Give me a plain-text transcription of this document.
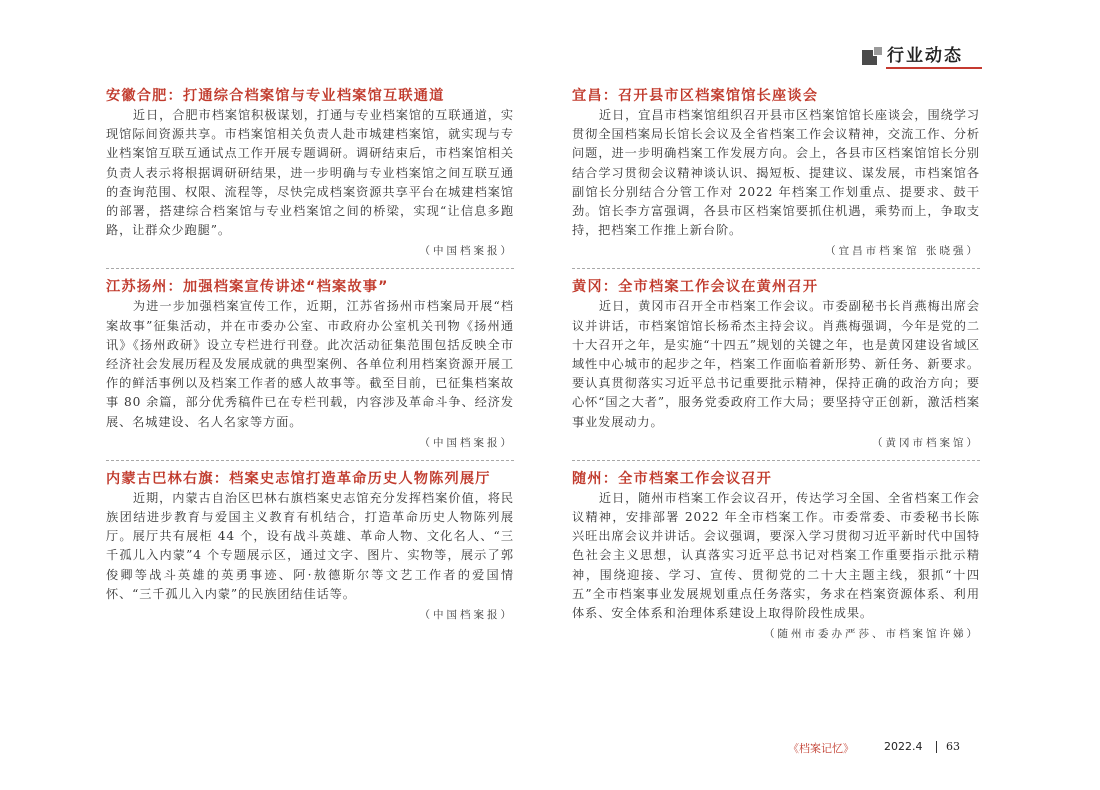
行业动态
安徽合肥：打通综合档案馆与专业档案馆互联通道

近日，合肥市档案馆积极谋划，打通与专业档案馆的互联通道，实现馆际间资源共享。市档案馆相关负责人赴市城建档案馆，就实现与专业档案馆互联互通试点工作开展专题调研。调研结束后，市档案馆相关负责人表示将根据调研研结果，进一步明确与专业档案馆之间互联互通的查询范围、权限、流程等，尽快完成档案资源共享平台在城建档案馆的部署，搭建综合档案馆与专业档案馆之间的桥梁，实现“让信息多跑路，让群众少跑腿”。

（中国档案报）

江苏扬州：加强档案宣传讲述“档案故事”

为进一步加强档案宣传工作，近期，江苏省扬州市档案局开展“档案故事”征集活动，并在市委办公室、市政府办公室机关刊物《扬州通讯》《扬州政研》设立专栏进行刊登。此次活动征集范围包括反映全市经济社会发展历程及发展成就的典型案例、各单位利用档案资源开展工作的鲜活事例以及档案工作者的感人故事等。截至目前，已征集档案故事 80 余篇，部分优秀稿件已在专栏刊载，内容涉及革命斗争、经济发展、名城建设、名人名家等方面。

（中国档案报）

内蒙古巴林右旗：档案史志馆打造革命历史人物陈列展厅

近期，内蒙古自治区巴林右旗档案史志馆充分发挥档案价值，将民族团结进步教育与爱国主义教育有机结合，打造革命历史人物陈列展厅。展厅共有展柜 44 个，设有战斗英雄、革命人物、文化名人、“三千孤儿入内蒙”4 个专题展示区，通过文字、图片、实物等，展示了郭俊卿等战斗英雄的英勇事迹、阿·敖德斯尔等文艺工作者的爱国情怀、“三千孤儿入内蒙”的民族团结佳话等。

（中国档案报）

宜昌：召开县市区档案馆馆长座谈会

近日，宜昌市档案馆组织召开县市区档案馆馆长座谈会，围绕学习贯彻全国档案局长馆长会议及全省档案工作会议精神，交流工作、分析问题，进一步明确档案工作发展方向。会上，各县市区档案馆馆长分别结合学习贯彻会议精神谈认识、揭短板、提建议、谋发展，市档案馆各副馆长分别结合分管工作对 2022 年档案工作划重点、提要求、鼓干劲。馆长李方富强调，各县市区档案馆要抓住机遇，乘势而上，争取支持，把档案工作推上新台阶。

（宜昌市档案馆 张晓强）

黄冈：全市档案工作会议在黄州召开

近日，黄冈市召开全市档案工作会议。市委副秘书长肖燕梅出席会议并讲话，市档案馆馆长杨希杰主持会议。肖燕梅强调，今年是党的二十大召开之年，是实施“十四五”规划的关键之年，也是黄冈建设省域区域性中心城市的起步之年，档案工作面临着新形势、新任务、新要求。要认真贯彻落实习近平总书记重要批示精神，保持正确的政治方向；要心怀“国之大者”，服务党委政府工作大局；要坚持守正创新，激活档案事业发展动力。

（黄冈市档案馆）

随州：全市档案工作会议召开

近日，随州市档案工作会议召开，传达学习全国、全省档案工作会议精神，安排部署 2022 年全市档案工作。市委常委、市委秘书长陈兴旺出席会议并讲话。会议强调，要深入学习贯彻习近平新时代中国特色社会主义思想，认真落实习近平总书记对档案工作重要指示批示精神，围绕迎接、学习、宣传、贯彻党的二十大主题主线，狠抓“十四五”全市档案事业发展规划重点任务落实，务求在档案资源体系、利用体系、安全体系和治理体系建设上取得阶段性成果。

（随州市委办严莎、市档案馆许娣）

《档案记忆》	2022.4 63
